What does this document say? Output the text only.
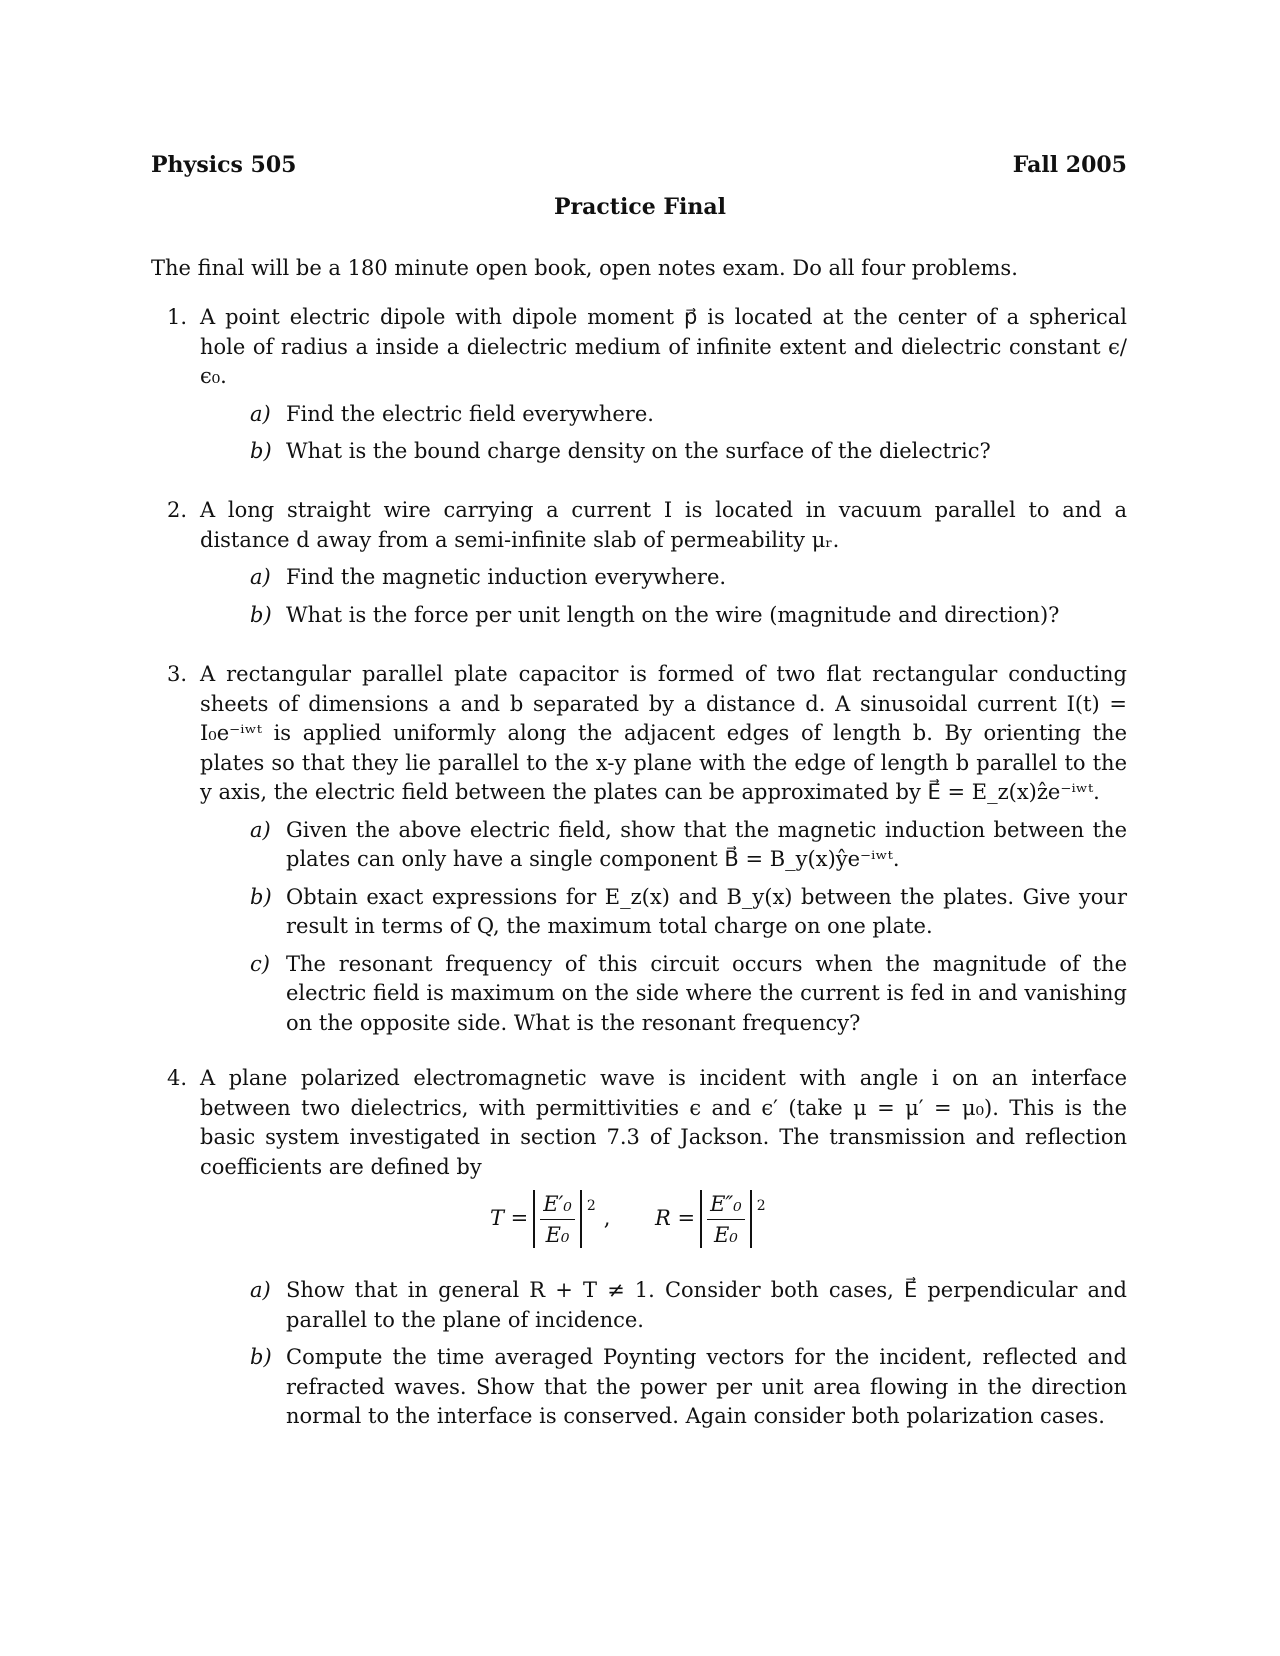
Physics 505	Fall 2005
Practice Final
The final will be a 180 minute open book, open notes exam. Do all four problems.
1. A point electric dipole with dipole moment p⃗ is located at the center of a spherical hole of radius a inside a dielectric medium of infinite extent and dielectric constant ϵ/ϵ₀.
a) Find the electric field everywhere.
b) What is the bound charge density on the surface of the dielectric?
2. A long straight wire carrying a current I is located in vacuum parallel to and a distance d away from a semi-infinite slab of permeability μᵣ.
a) Find the magnetic induction everywhere.
b) What is the force per unit length on the wire (magnitude and direction)?
3. A rectangular parallel plate capacitor is formed of two flat rectangular conducting sheets of dimensions a and b separated by a distance d. A sinusoidal current I(t) = I₀e⁻ⁱʷᵗ is applied uniformly along the adjacent edges of length b. By orienting the plates so that they lie parallel to the x-y plane with the edge of length b parallel to the y axis, the electric field between the plates can be approximated by E⃗ = E_z(x)ẑe⁻ⁱʷᵗ.
a) Given the above electric field, show that the magnetic induction between the plates can only have a single component B⃗ = B_y(x)ŷe⁻ⁱʷᵗ.
b) Obtain exact expressions for E_z(x) and B_y(x) between the plates. Give your result in terms of Q, the maximum total charge on one plate.
c) The resonant frequency of this circuit occurs when the magnitude of the electric field is maximum on the side where the current is fed in and vanishing on the opposite side. What is the resonant frequency?
4. A plane polarized electromagnetic wave is incident with angle i on an interface between two dielectrics, with permittivities ϵ and ϵ′ (take μ = μ′ = μ₀). This is the basic system investigated in section 7.3 of Jackson. The transmission and reflection coefficients are defined by
$T = \frac{\text{E′₀}}{\text{E₀}} 2$
, $R = \frac{\text{E″₀}}{\text{E₀}} 2$
a) Show that in general R + T ≠ 1. Consider both cases, E⃗ perpendicular and parallel to the plane of incidence.
b) Compute the time averaged Poynting vectors for the incident, reflected and refracted waves. Show that the power per unit area flowing in the direction normal to the interface is conserved. Again consider both polarization cases.
